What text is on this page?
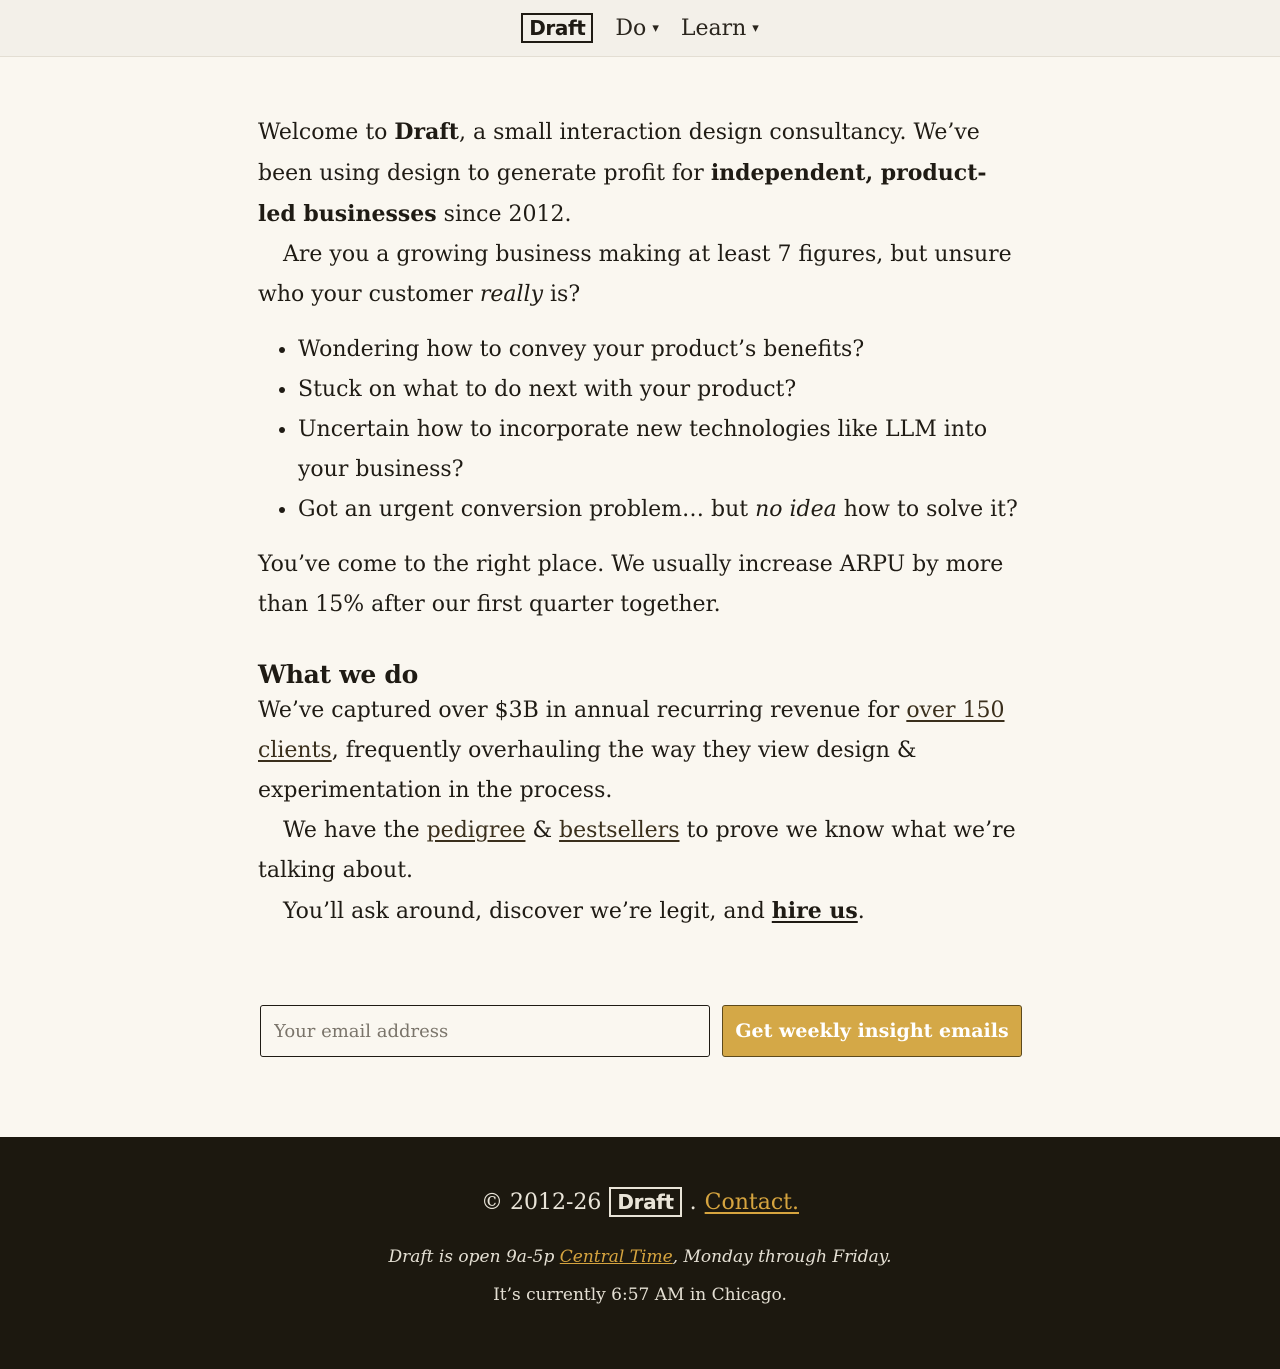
Draft	Do ▾ Learn ▾

Welcome to Draft, a small interaction design consultancy. We’ve been using design to generate profit for independent, product-led businesses since 2012.

Are you a growing business making at least 7 figures, but unsure who your customer really is?

• Wondering how to convey your product’s benefits?
• Stuck on what to do next with your product?
• Uncertain how to incorporate new technologies like LLM into your business?
• Got an urgent conversion problem… but no idea how to solve it?

You’ve come to the right place. We usually increase ARPU by more than 15% after our first quarter together.

What we do

We’ve captured over $3B in annual recurring revenue for over 150 clients, frequently overhauling the way they view design & experimentation in the process.

We have the pedigree & bestsellers to prove we know what we’re talking about.

You’ll ask around, discover we’re legit, and hire us.

Your email address
Get weekly insight emails
© 2012-26 Draft . Contact.
Draft is open 9a-5p Central Time, Monday through Friday.
It’s currently 6:57 AM in Chicago.
